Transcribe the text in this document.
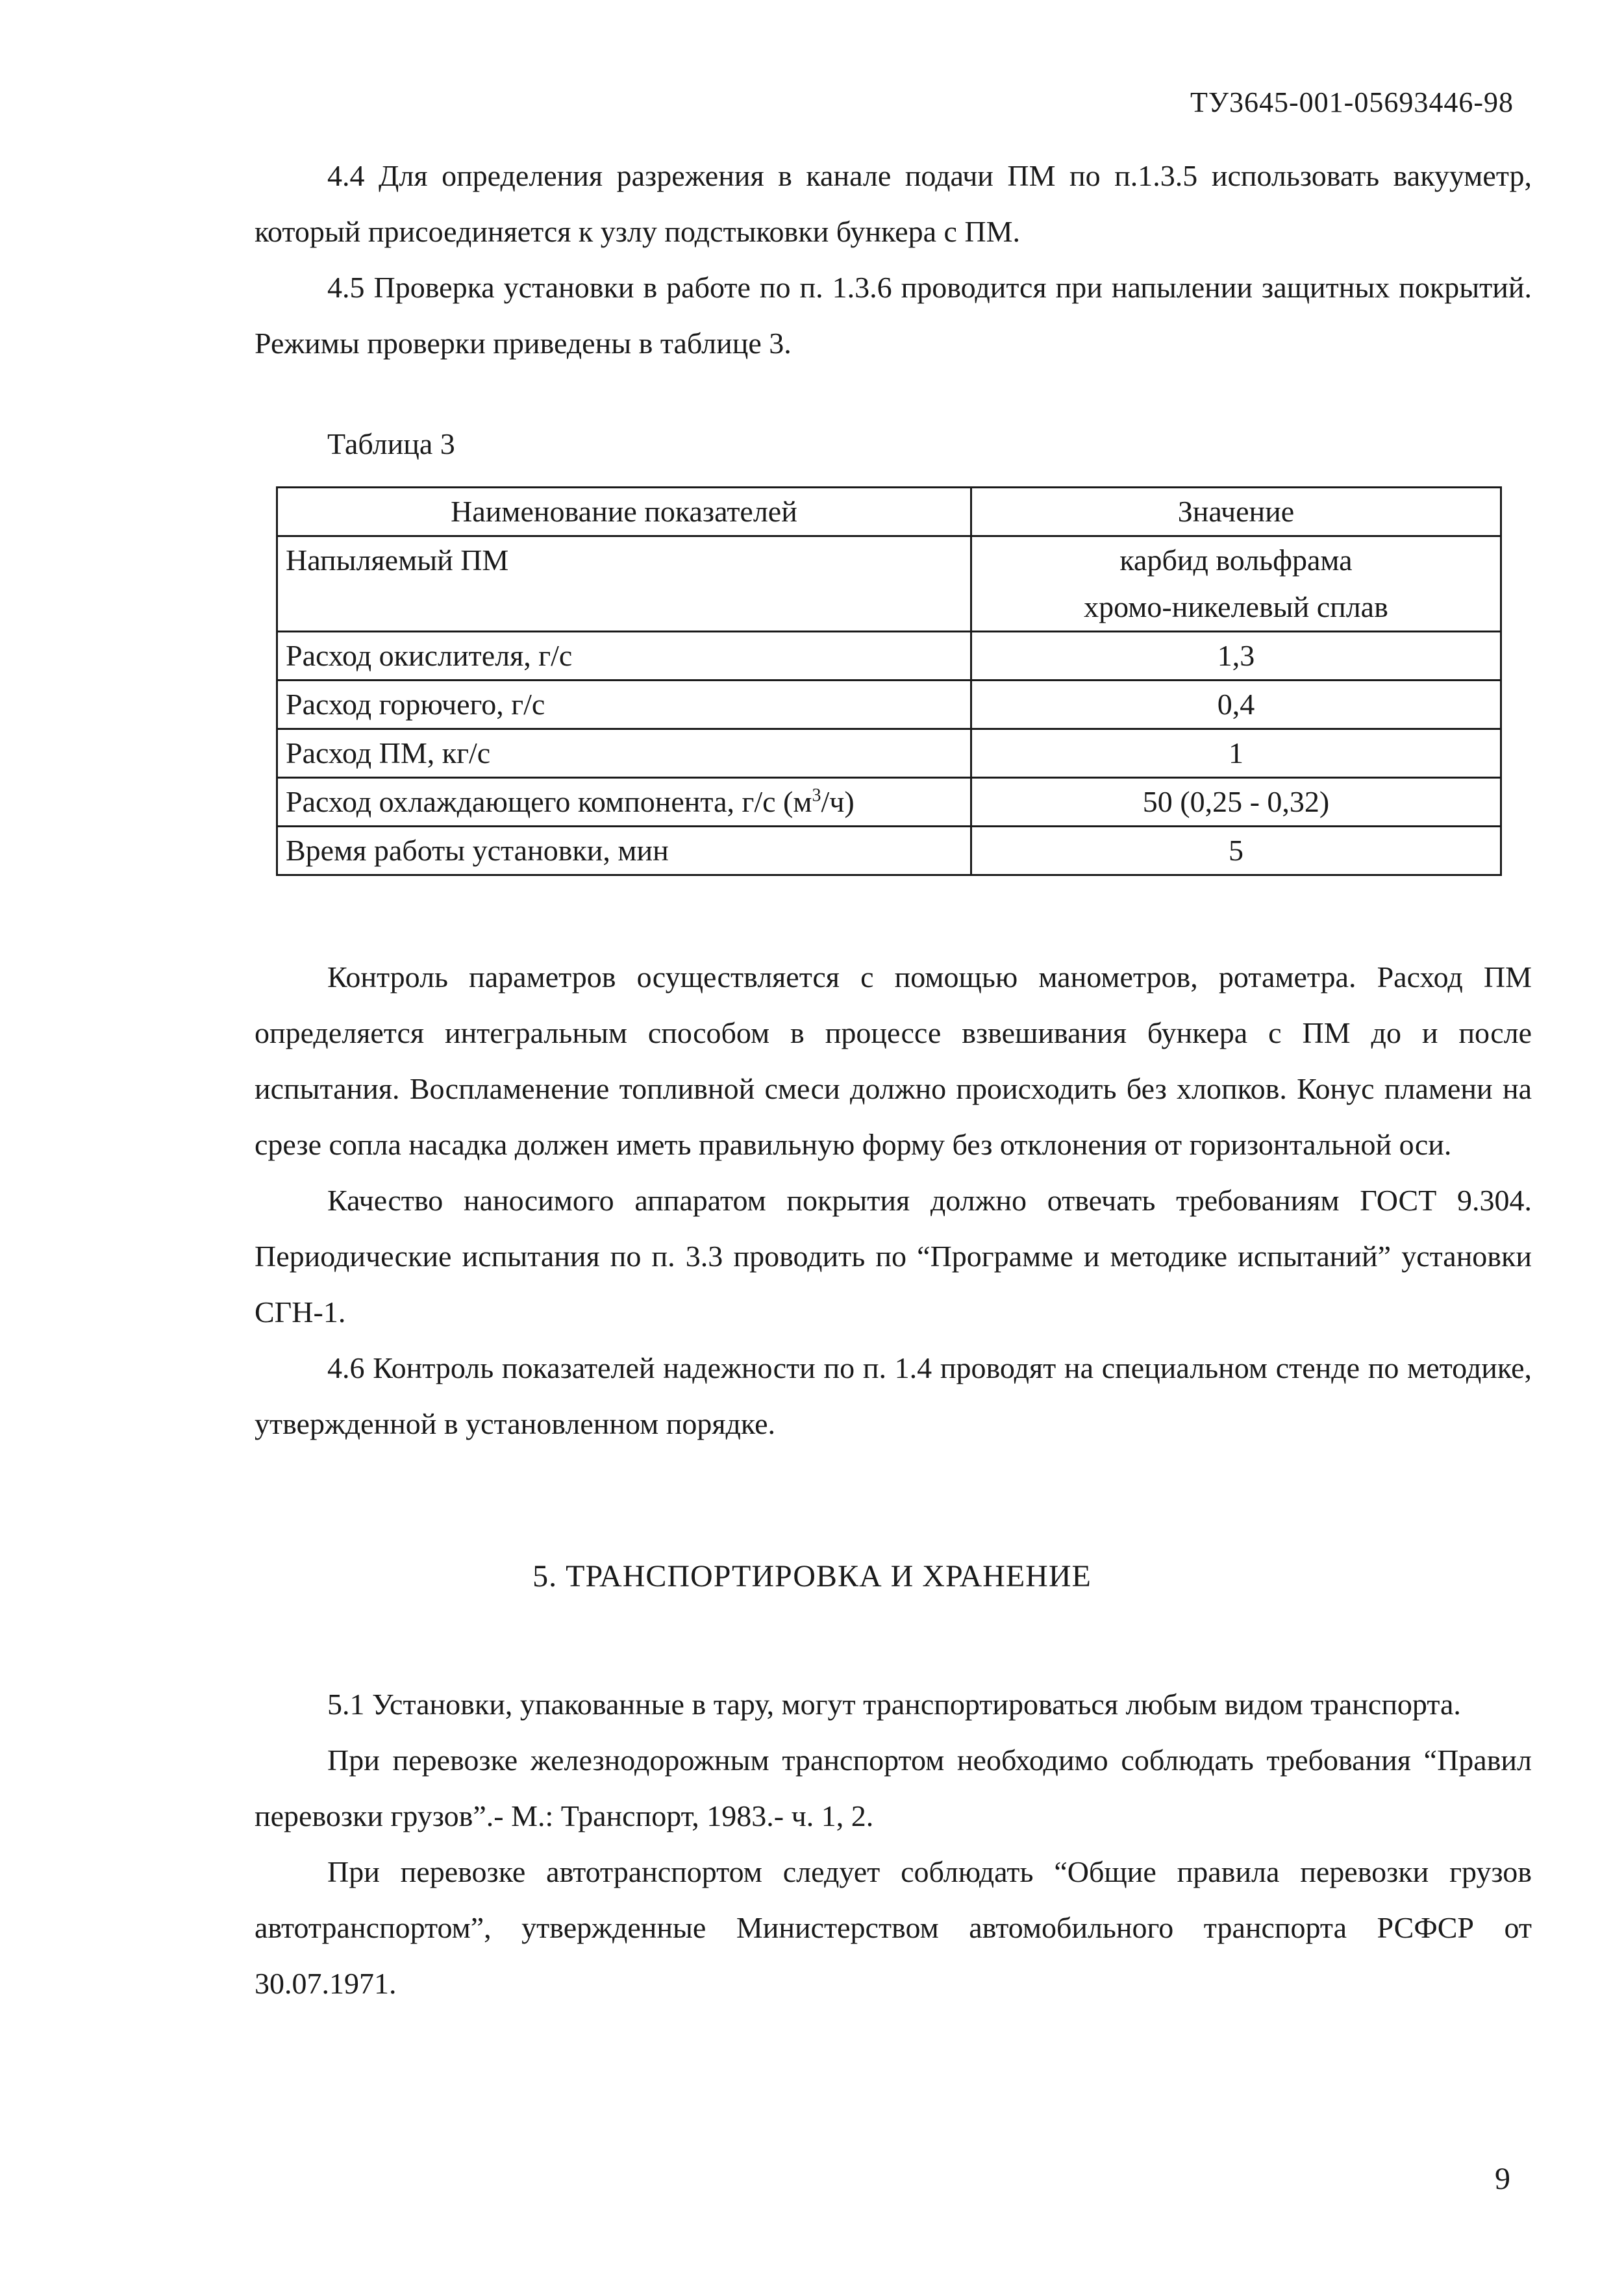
ТУ3645-001-05693446-98

4.4 Для определения разрежения в канале подачи ПМ по п.1.3.5 использовать вакууметр, который присоединяется к узлу подстыковки бункера с ПМ.

4.5 Проверка установки в работе по п. 1.3.6 проводится при напылении защитных покрытий. Режимы проверки приведены в таблице 3.

Таблица 3
Наименование показателей	Значение
Напыляемый ПМ	карбид вольфрама
хромо-никелевый сплав

Расход окислителя, г/с	1,3
Расход горючего, г/с	0,4
Расход ПМ, кг/с	1
Расход охлаждающего компонента, г/с $(м^3/ч)$	50 (0,25 - 0,32)
Время работы установки, мин	5

Контроль параметров осуществляется с помощью манометров, ротаметра. Расход ПМ определяется интегральным способом в процессе взвешивания бункера с ПМ до и после испытания. Воспламенение топливной смеси должно происходить без хлопков. Конус пламени на срезе сопла насадка должен иметь правильную форму без отклонения от горизонтальной оси.

Качество наносимого аппаратом покрытия должно отвечать требованиям ГОСТ 9.304. Периодические испытания по п. 3.3 проводить по “Программе и методике испытаний” установки СГН-1.

4.6 Контроль показателей надежности по п. 1.4 проводят на специальном стенде по методике, утвержденной в установленном порядке.

5. ТРАНСПОРТИРОВКА И ХРАНЕНИЕ

5.1 Установки, упакованные в тару, могут транспортироваться любым видом транспорта.

При перевозке железнодорожным транспортом необходимо соблюдать требования “Правил перевозки грузов”.- М.: Транспорт, 1983.- ч. 1, 2.

При перевозке автотранспортом следует соблюдать “Общие правила перевозки грузов автотранспортом”, утвержденные Министерством автомобильного транспорта РСФСР от 30.07.1971.

9
